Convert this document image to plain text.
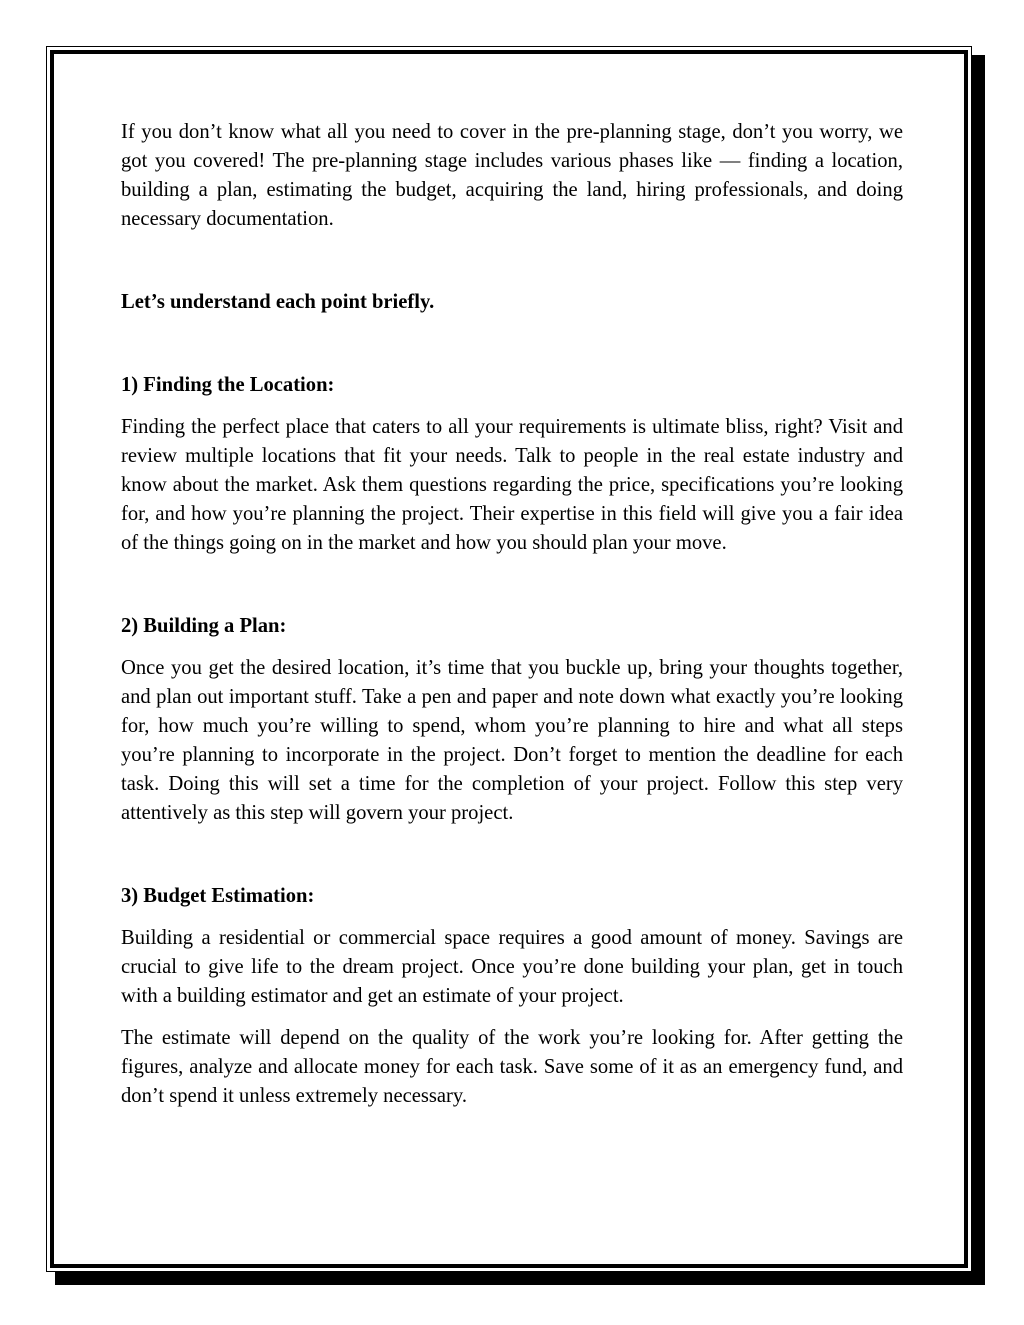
If you don’t know what all you need to cover in the pre-planning stage, don’t you worry, we got you covered! The pre-planning stage includes various phases like — finding a location, building a plan, estimating the budget, acquiring the land, hiring professionals, and doing necessary documentation.

Let’s understand each point briefly.

1) Finding the Location:

Finding the perfect place that caters to all your requirements is ultimate bliss, right? Visit and review multiple locations that fit your needs. Talk to people in the real estate industry and know about the market. Ask them questions regarding the price, specifications you’re looking for, and how you’re planning the project. Their expertise in this field will give you a fair idea of the things going on in the market and how you should plan your move.

2) Building a Plan:

Once you get the desired location, it’s time that you buckle up, bring your thoughts together, and plan out important stuff. Take a pen and paper and note down what exactly you’re looking for, how much you’re willing to spend, whom you’re planning to hire and what all steps you’re planning to incorporate in the project. Don’t forget to mention the deadline for each task. Doing this will set a time for the completion of your project. Follow this step very attentively as this step will govern your project.

3) Budget Estimation:

Building a residential or commercial space requires a good amount of money. Savings are crucial to give life to the dream project. Once you’re done building your plan, get in touch with a building estimator and get an estimate of your project.

The estimate will depend on the quality of the work you’re looking for. After getting the figures, analyze and allocate money for each task. Save some of it as an emergency fund, and don’t spend it unless extremely necessary.
